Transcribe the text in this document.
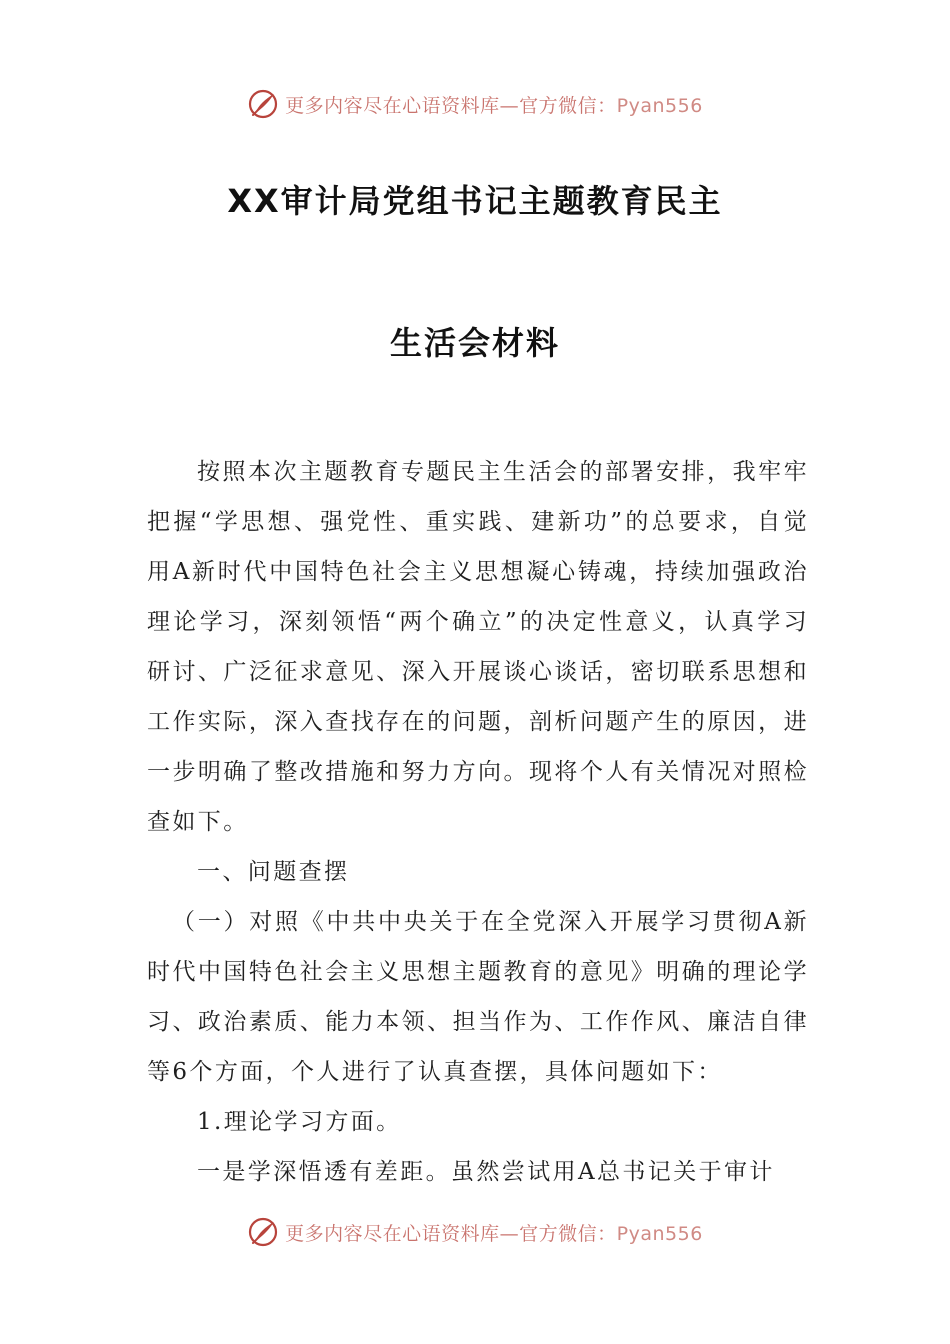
更多内容尽在心语资料库—官方微信：Pyan556
XX审计局党组书记主题教育民主
生活会材料

按照本次主题教育专题民主生活会的部署安排，我牢牢把握“学思想、强党性、重实践、建新功”的总要求，自觉用A新时代中国特色社会主义思想凝心铸魂，持续加强政治理论学习，深刻领悟“两个确立”的决定性意义，认真学习研讨、广泛征求意见、深入开展谈心谈话，密切联系思想和工作实际，深入查找存在的问题，剖析问题产生的原因，进一步明确了整改措施和努力方向。现将个人有关情况对照检查如下。

一、问题查摆

（一）对照《中共中央关于在全党深入开展学习贯彻A新时代中国特色社会主义思想主题教育的意见》明确的理论学习、政治素质、能力本领、担当作为、工作作风、廉洁自律等6个方面，个人进行了认真查摆，具体问题如下：

1.理论学习方面。

一是学深悟透有差距。虽然尝试用A总书记关于审计

更多内容尽在心语资料库—官方微信：Pyan556
